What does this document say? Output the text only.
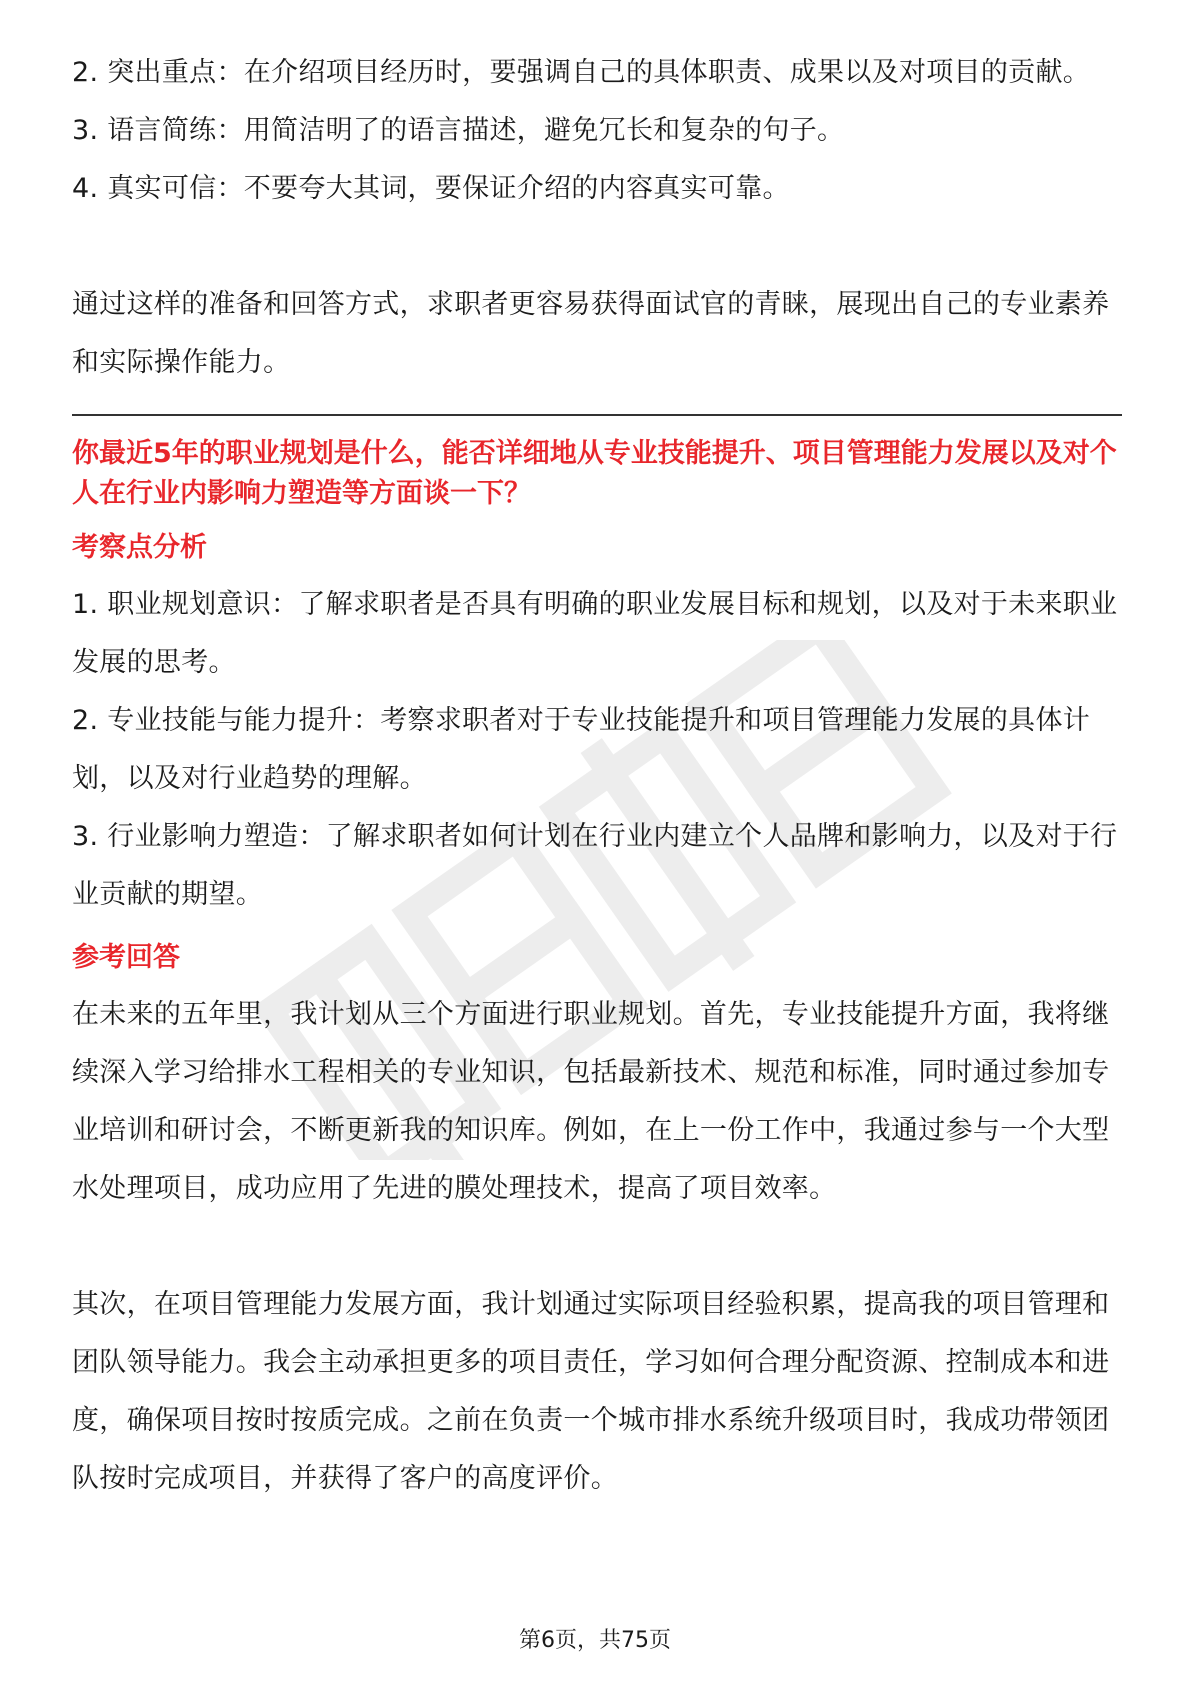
2. 突出重点：在介绍项目经历时，要强调自己的具体职责、成果以及对项目的贡献。

3. 语言简练：用简洁明了的语言描述，避免冗长和复杂的句子。

4. 真实可信：不要夸大其词，要保证介绍的内容真实可靠。

通过这样的准备和回答方式，求职者更容易获得面试官的青睐，展现出自己的专业素养和实际操作能力。

你最近5年的职业规划是什么，能否详细地从专业技能提升、项目管理能力发展以及对个人在行业内影响力塑造等方面谈一下？

考察点分析

1. 职业规划意识：了解求职者是否具有明确的职业发展目标和规划，以及对于未来职业发展的思考。

2. 专业技能与能力提升：考察求职者对于专业技能提升和项目管理能力发展的具体计划，以及对行业趋势的理解。

3. 行业影响力塑造：了解求职者如何计划在行业内建立个人品牌和影响力，以及对于行业贡献的期望。

参考回答

在未来的五年里，我计划从三个方面进行职业规划。首先，专业技能提升方面，我将继续深入学习给排水工程相关的专业知识，包括最新技术、规范和标准，同时通过参加专业培训和研讨会，不断更新我的知识库。例如，在上一份工作中，我通过参与一个大型水处理项目，成功应用了先进的膜处理技术，提高了项目效率。

其次，在项目管理能力发展方面，我计划通过实际项目经验积累，提高我的项目管理和团队领导能力。我会主动承担更多的项目责任，学习如何合理分配资源、控制成本和进度，确保项目按时按质完成。之前在负责一个城市排水系统升级项目时，我成功带领团队按时完成项目，并获得了客户的高度评价。

第6页，共75页
